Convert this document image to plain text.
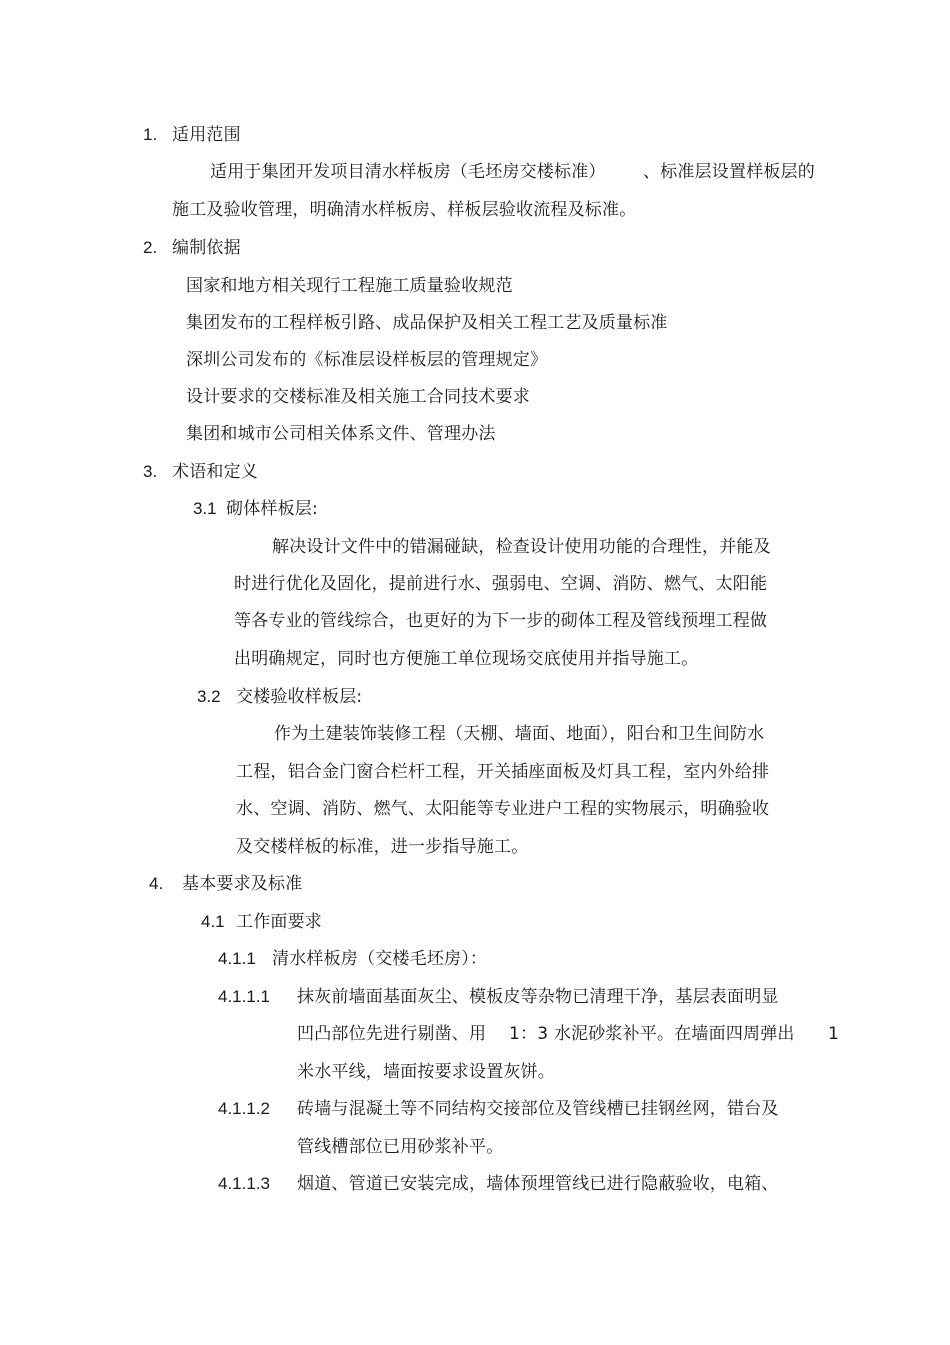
1. 适用范围
适用于集团开发项目清水样板房（毛坯房交楼标准） 、标准层设置样板层的
施工及验收管理，明确清水样板房、样板层验收流程及标准。
2. 编制依据
国家和地方相关现行工程施工质量验收规范
集团发布的工程样板引路、成品保护及相关工程工艺及质量标准
深圳公司发布的《标准层设样板层的管理规定》
设计要求的交楼标准及相关施工合同技术要求
集团和城市公司相关体系文件、管理办法
3. 术语和定义
3.1 砌体样板层:
解决设计文件中的错漏碰缺，检查设计使用功能的合理性，并能及
时进行优化及固化，提前进行水、强弱电、空调、消防、燃气、太阳能
等各专业的管线综合，也更好的为下一步的砌体工程及管线预埋工程做
出明确规定，同时也方便施工单位现场交底使用并指导施工。
3.2 交楼验收样板层:
作为土建装饰装修工程（天棚、墙面、地面），阳台和卫生间防水
工程，铝合金门窗合栏杆工程，开关插座面板及灯具工程，室内外给排
水、空调、消防、燃气、太阳能等专业进户工程的实物展示，明确验收
及交楼样板的标准，进一步指导施工。
4. 基本要求及标准
4.1 工作面要求
4.1.1 清水样板房（交楼毛坯房）：
4.1.1.1 抹灰前墙面基面灰尘、模板皮等杂物已清理干净，基层表面明显
凹凸部位先进行剔凿、用 1：3 水泥砂浆补平。在墙面四周弹出 1
米水平线，墙面按要求设置灰饼。
4.1.1.2 砖墙与混凝土等不同结构交接部位及管线槽已挂钢丝网，错台及
管线槽部位已用砂浆补平。
4.1.1.3 烟道、管道已安装完成，墙体预埋管线已进行隐蔽验收，电箱、
